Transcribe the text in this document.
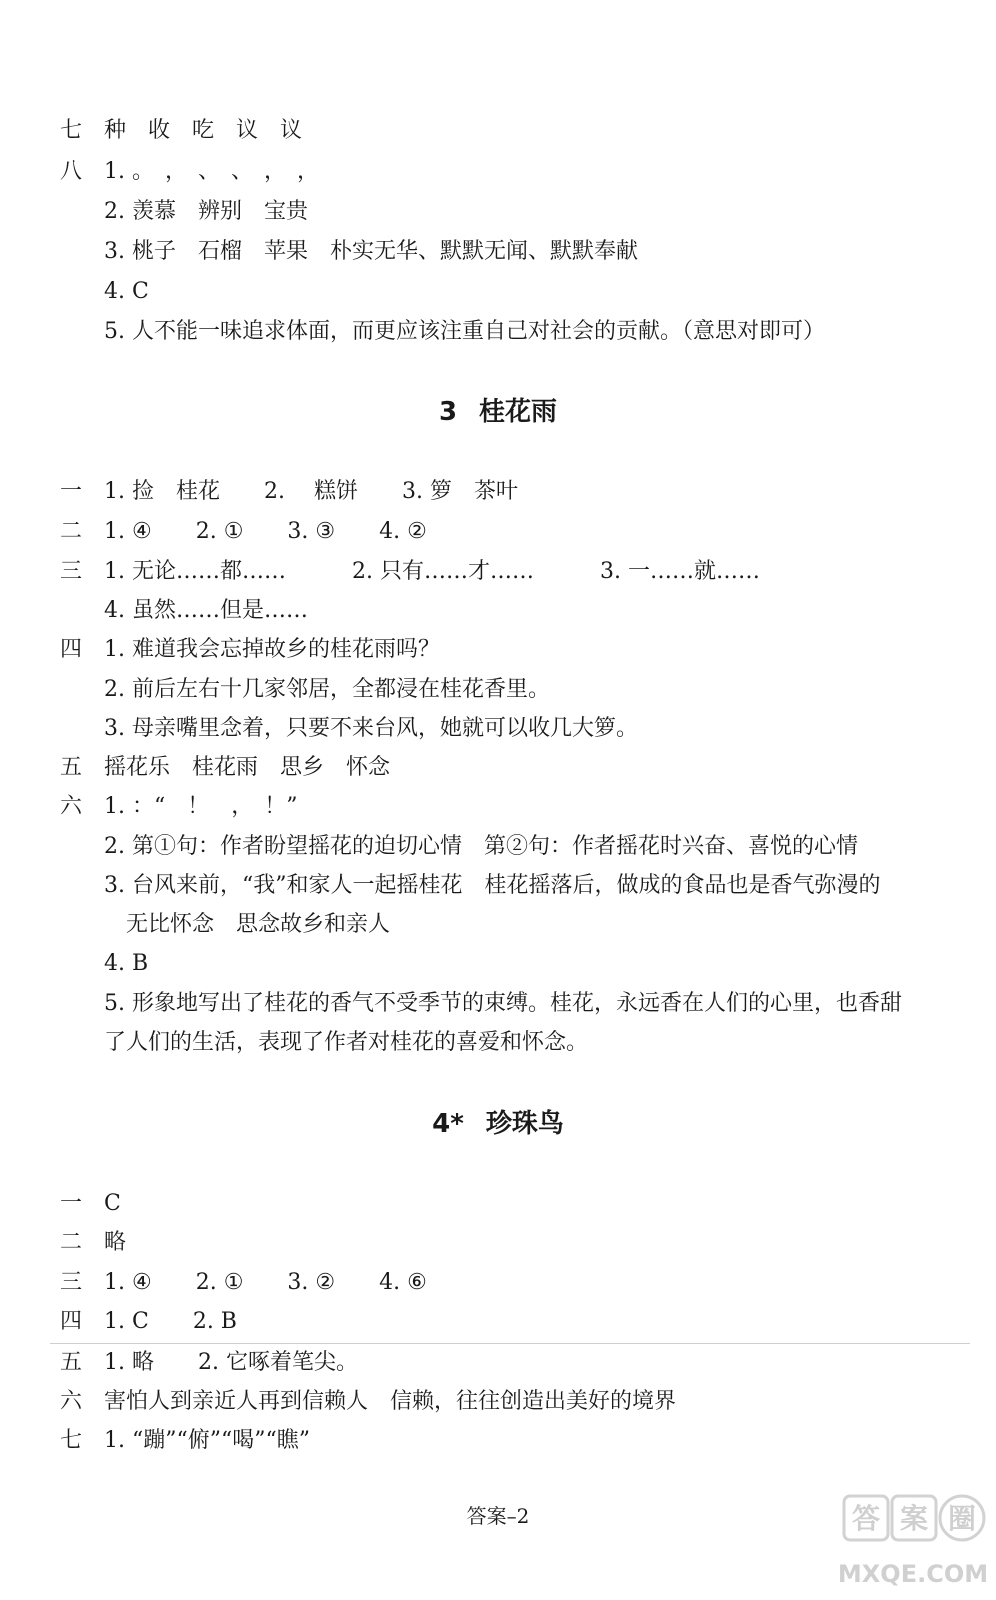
七 种　收　吃　议　议
八 1. 。　，　、　、　，　，
2. 羡慕　辨别　宝贵
3. 桃子　石榴　苹果　朴实无华、默默无闻、默默奉献
4. C
5. 人不能一味追求体面，而更应该注重自己对社会的贡献。（意思对即可）
3 桂花雨
一 1. 捡　桂花　　2. 　糕饼　　3. 箩　茶叶
二 1. ④　　2. ①　　3. ③　　4. ②
三 1. 无论……都……　　　2. 只有……才……　　　3. 一……就……
4. 虽然……但是……
四 1. 难道我会忘掉故乡的桂花雨吗？
2. 前后左右十几家邻居，全都浸在桂花香里。
3. 母亲嘴里念着，只要不来台风，她就可以收几大箩。
五 摇花乐　桂花雨　思乡　怀念
六 1. ：“　！　，　！”
2. 第①句：作者盼望摇花的迫切心情　第②句：作者摇花时兴奋、喜悦的心情
3. 台风来前，“我”和家人一起摇桂花　桂花摇落后，做成的食品也是香气弥漫的
无比怀念　思念故乡和亲人
4. B
5. 形象地写出了桂花的香气不受季节的束缚。桂花，永远香在人们的心里，也香甜
了人们的生活，表现了作者对桂花的喜爱和怀念。
4* 珍珠鸟
一 C
二 略
三 1. ④　　2. ①　　3. ②　　4. ⑥
四 1. C　　2. B
五 1. 略　　2. 它啄着笔尖。
六 害怕人到亲近人再到信赖人　信赖，往往创造出美好的境界
七 1. “蹦”“俯”“喝”“瞧”
答案–2	答 案 圈
MXQE.COM
